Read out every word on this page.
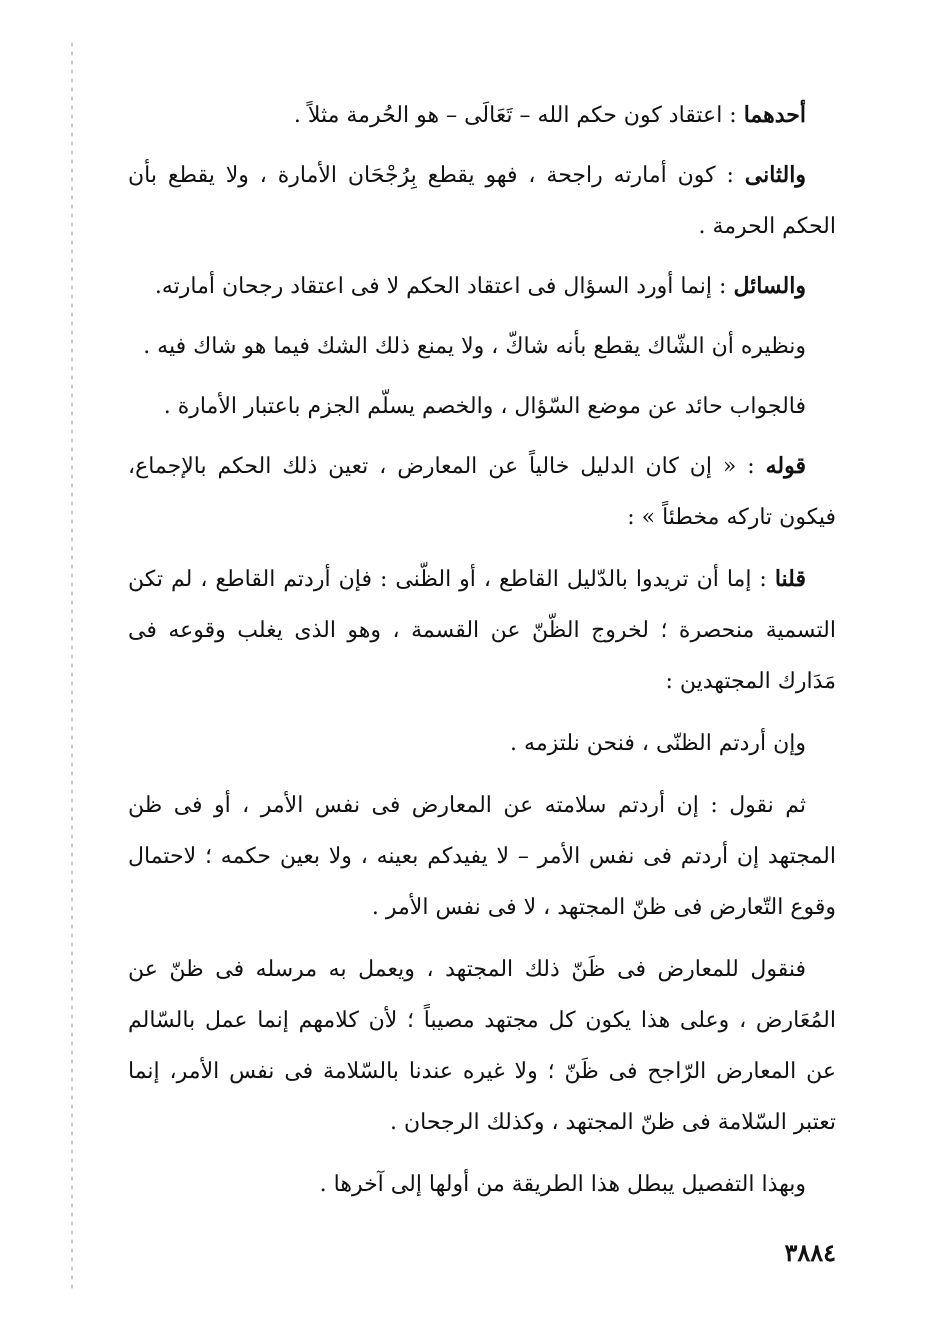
أحدهما : اعتقاد كون حكم الله – تَعَالَى – هو الحُرمة مثلاً .

والثانى : كون أمارته راجحة ، فهو يقطع بِرُجْحَان الأمارة ، ولا يقطع بأن الحكم الحرمة .

والسائل : إنما أورد السؤال فى اعتقاد الحكم لا فى اعتقاد رجحان أمارته.

ونظيره أن الشّاك يقطع بأنه شاكّ ، ولا يمنع ذلك الشك فيما هو شاك فيه .

فالجواب حائد عن موضع السّؤال ، والخصم يسلّم الجزم باعتبار الأمارة .

قوله : « إن كان الدليل خالياً عن المعارض ، تعين ذلك الحكم بالإجماع، فيكون تاركه مخطئاً » :

قلنا : إما أن تريدوا بالدّليل القاطع ، أو الظّنى : فإن أردتم القاطع ، لم تكن التسمية منحصرة ؛ لخروج الظّنّ عن القسمة ، وهو الذى يغلب وقوعه فى مَدَارك المجتهدين :

وإن أردتم الظنّى ، فنحن نلتزمه .

ثم نقول : إن أردتم سلامته عن المعارض فى نفس الأمر ، أو فى ظن المجتهد إن أردتم فى نفس الأمر – لا يفيدكم بعينه ، ولا بعين حكمه ؛ لاحتمال وقوع التّعارض فى ظنّ المجتهد ، لا فى نفس الأمر .

فنقول للمعارض فى ظَنّ ذلك المجتهد ، ويعمل به مرسله فى ظنّ عن المُعَارض ، وعلى هذا يكون كل مجتهد مصيباً ؛ لأن كلامهم إنما عمل بالسّالم عن المعارض الرّاجح فى ظَنّ ؛ ولا غيره عندنا بالسّلامة فى نفس الأمر، إنما تعتبر السّلامة فى ظنّ المجتهد ، وكذلك الرجحان .

وبهذا التفصيل يبطل هذا الطريقة من أولها إلى آخرها .

٣٨٨٤
